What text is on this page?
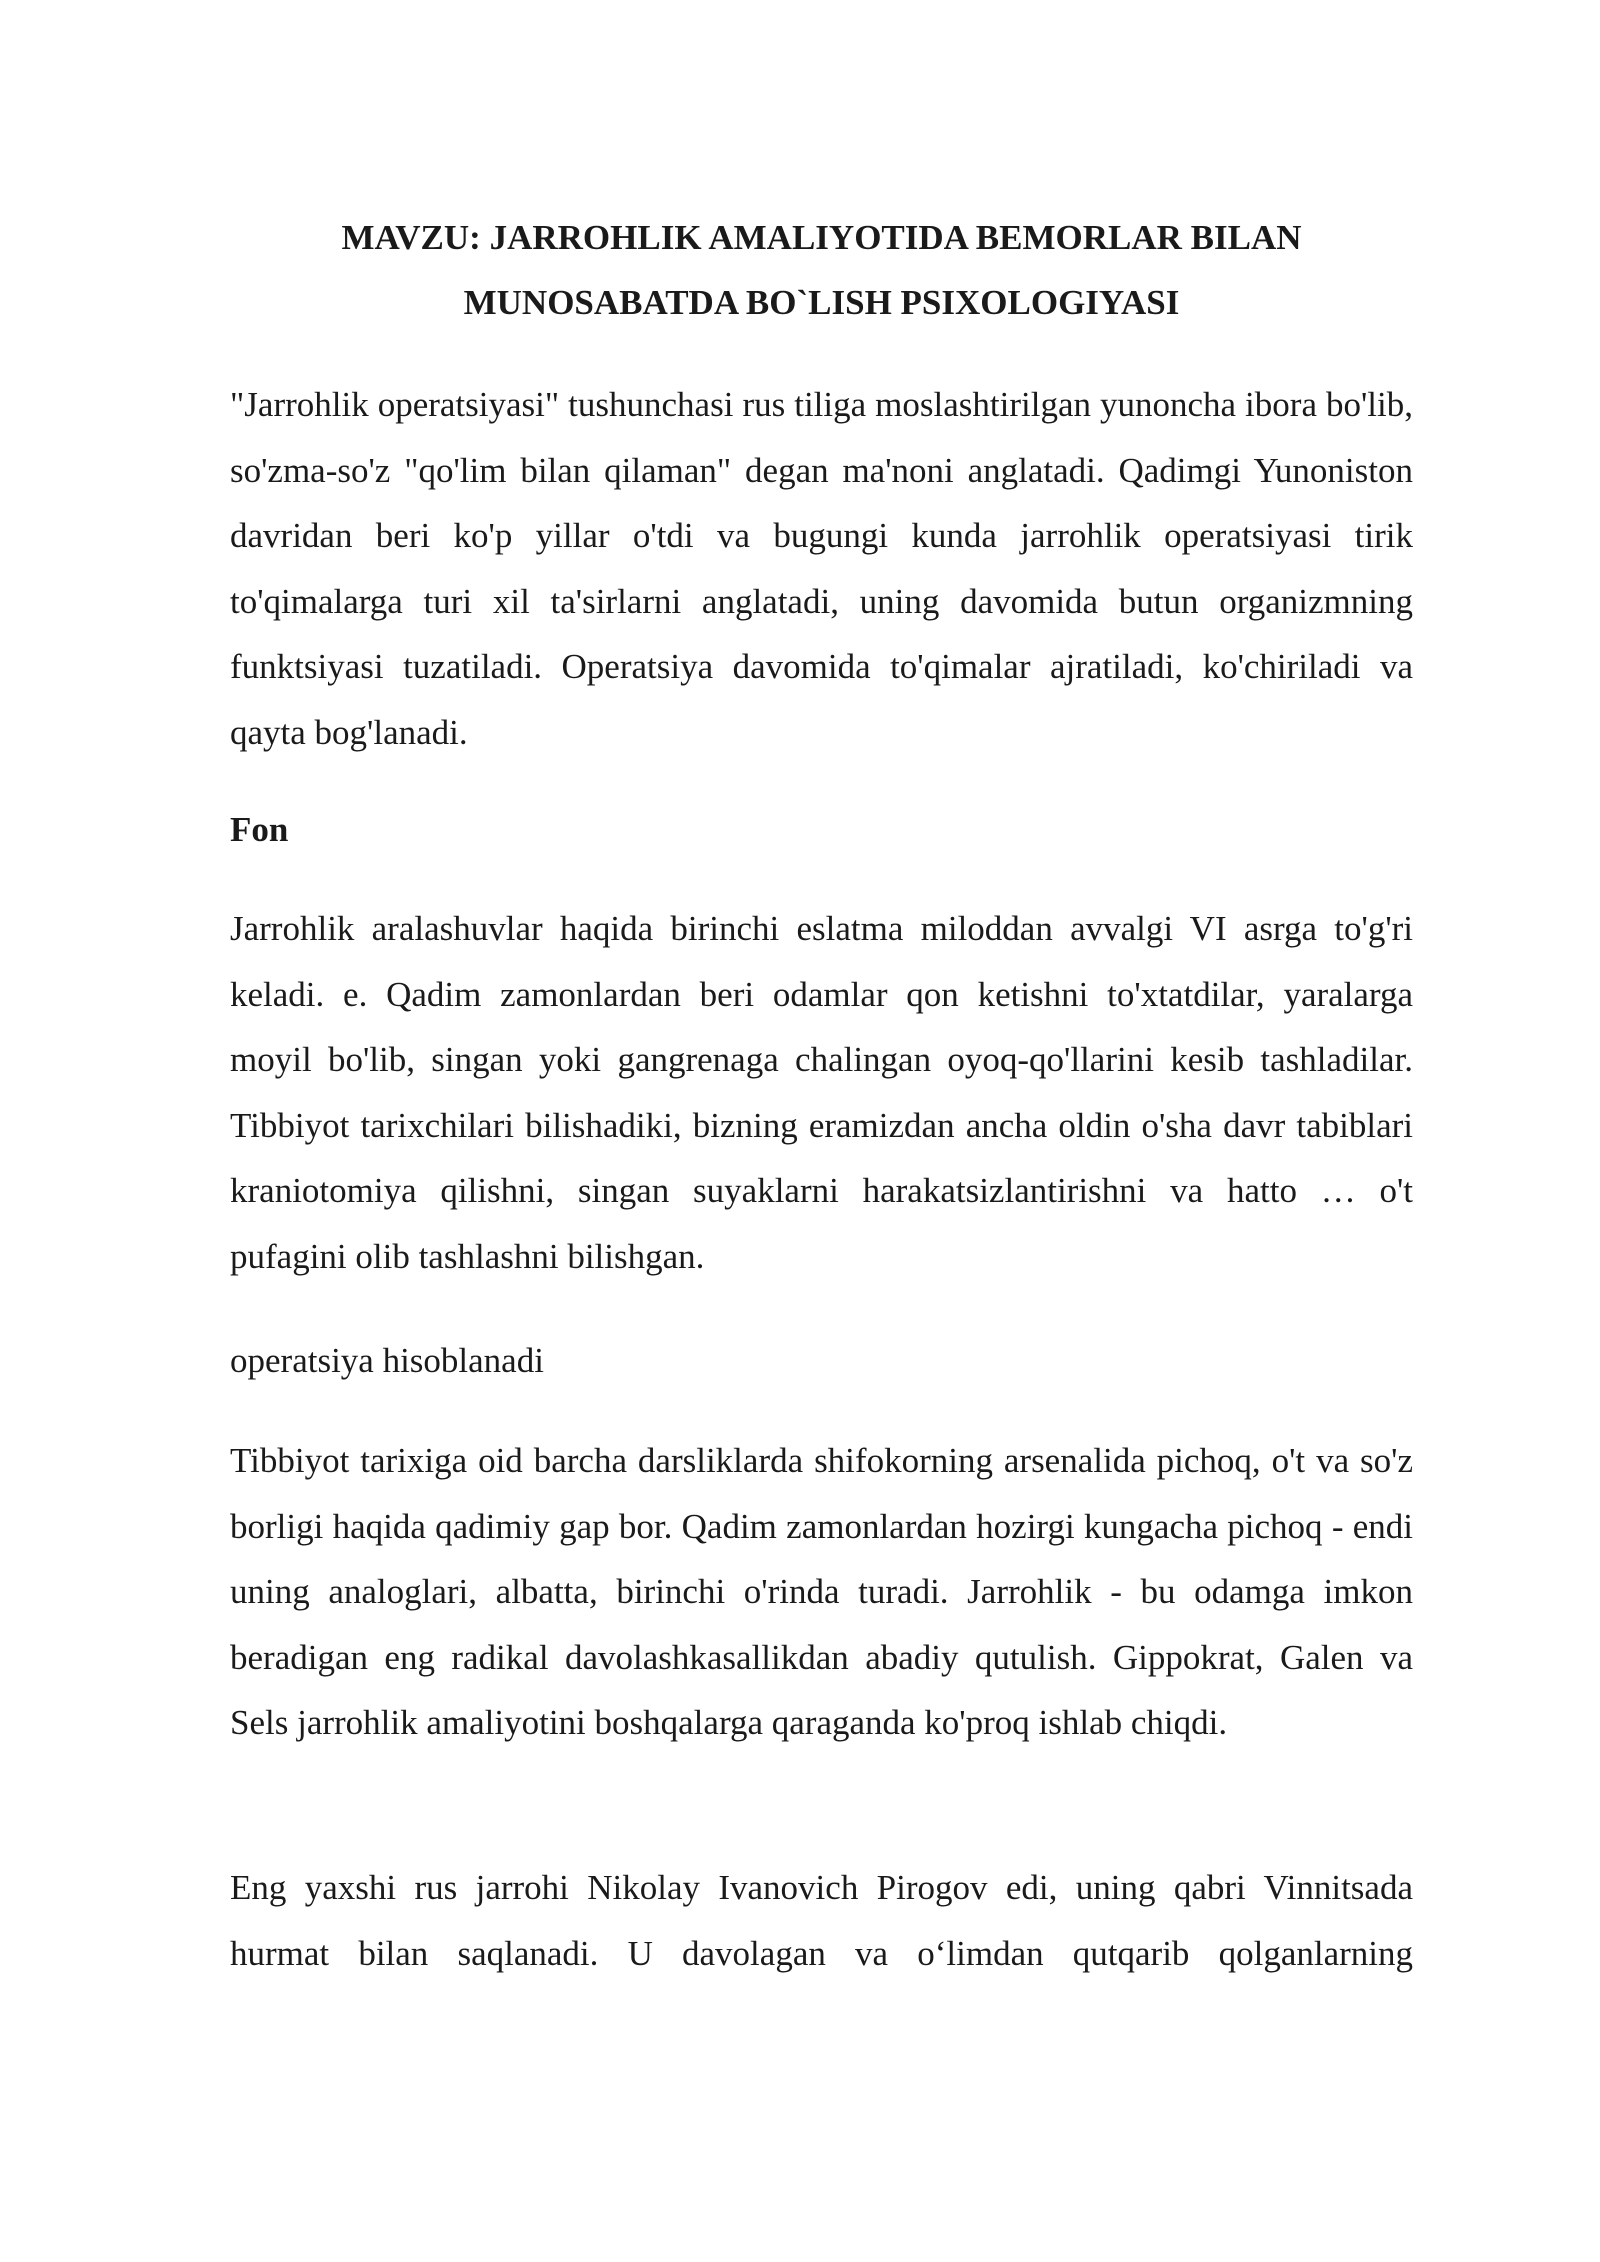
MAVZU: JARROHLIK AMALIYOTIDA BEMORLAR BILAN
MUNOSABATDA BO`LISH PSIXOLOGIYASI

"Jarrohlik operatsiyasi" tushunchasi rus tiliga moslashtirilgan yunoncha ibora bo'lib, so'zma-so'z "qo'lim bilan qilaman" degan ma'noni anglatadi. Qadimgi Yunoniston davridan beri ko'p yillar o'tdi va bugungi kunda jarrohlik operatsiyasi tirik to'qimalarga turi xil ta'sirlarni anglatadi, uning davomida butun organizmning funktsiyasi tuzatiladi. Operatsiya davomida to'qimalar ajratiladi, ko'chiriladi va qayta bog'lanadi.

Fon

Jarrohlik aralashuvlar haqida birinchi eslatma miloddan avvalgi VI asrga to'g'ri keladi. e. Qadim zamonlardan beri odamlar qon ketishni to'xtatdilar, yaralarga moyil bo'lib, singan yoki gangrenaga chalingan oyoq-qo'llarini kesib tashladilar. Tibbiyot tarixchilari bilishadiki, bizning eramizdan ancha oldin o'sha davr tabiblari kraniotomiya qilishni, singan suyaklarni harakatsizlantirishni va hatto … o't pufagini olib tashlashni bilishgan.

operatsiya hisoblanadi

Tibbiyot tarixiga oid barcha darsliklarda shifokorning arsenalida pichoq, o't va so'z borligi haqida qadimiy gap bor. Qadim zamonlardan hozirgi kungacha pichoq - endi uning analoglari, albatta, birinchi o'rinda turadi. Jarrohlik - bu odamga imkon beradigan eng radikal davolashkasallikdan abadiy qutulish. Gippokrat, Galen va Sels jarrohlik amaliyotini boshqalarga qaraganda ko'proq ishlab chiqdi.

Eng yaxshi rus jarrohi Nikolay Ivanovich Pirogov edi, uning qabri Vinnitsada hurmat bilan saqlanadi. U davolagan va o‘limdan qutqarib qolganlarning
